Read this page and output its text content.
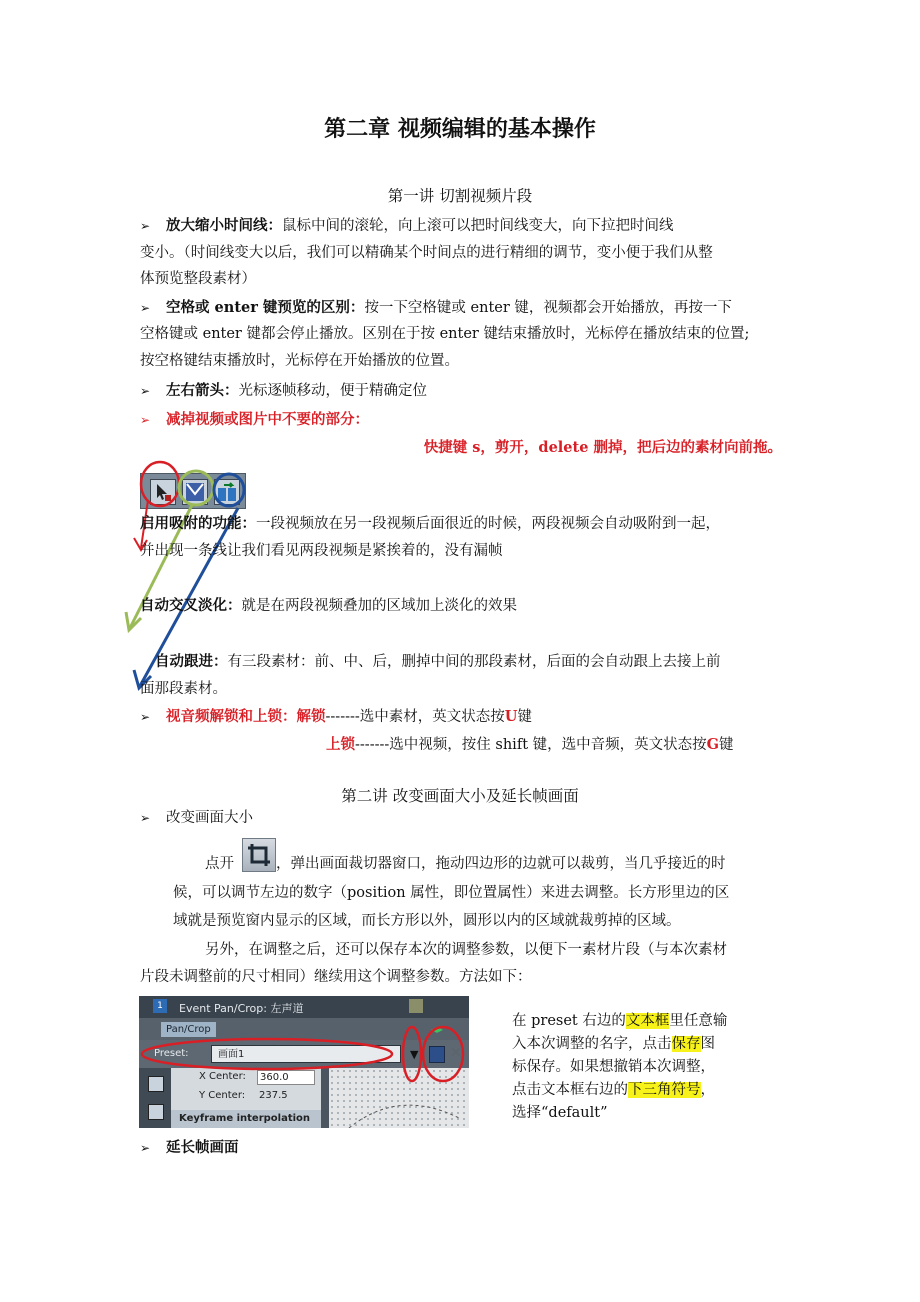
第二章 视频编辑的基本操作
第一讲 切割视频片段
➢ 放大缩小时间线：鼠标中间的滚轮，向上滚可以把时间线变大，向下拉把时间线
变小。（时间线变大以后，我们可以精确某个时间点的进行精细的调节，变小便于我们从整
体预览整段素材）
➢ 空格或 enter 键预览的区别：按一下空格键或 enter 键，视频都会开始播放，再按一下
空格键或 enter 键都会停止播放。区别在于按 enter 键结束播放时，光标停在播放结束的位置;
按空格键结束播放时，光标停在开始播放的位置。
➢ 左右箭头：光标逐帧移动，便于精确定位
➢ 减掉视频或图片中不要的部分：
快捷键 s，剪开，delete 删掉，把后边的素材向前拖。
启用吸附的功能：一段视频放在另一段视频后面很近的时候，两段视频会自动吸附到一起，
并出现一条线让我们看见两段视频是紧挨着的，没有漏帧
自动交叉淡化：就是在两段视频叠加的区域加上淡化的效果
自动跟进：有三段素材：前、中、后，删掉中间的那段素材，后面的会自动跟上去接上前
面那段素材。
➢ 视音频解锁和上锁：解锁-------选中素材，英文状态按U键
上锁-------选中视频，按住 shift 键，选中音频，英文状态按G键
第二讲 改变画面大小及延长帧画面
➢ 改变画面大小
点开	，弹出画面裁切器窗口，拖动四边形的边就可以裁剪，当几乎接近的时
候，可以调节左边的数字（position 属性，即位置属性）来进去调整。长方形里边的区
域就是预览窗内显示的区域，而长方形以外，圆形以内的区域就裁剪掉的区域。
另外，在调整之后，还可以保存本次的调整参数，以便下一素材片段（与本次素材
片段未调整前的尺寸相同）继续用这个调整参数。方法如下：
1	Event Pan/Crop: 左声道
Pan/Crop	◂▸
Preset:	画面1	▼ ✕
X Center:	360.0
Y Center: 237.5
Keyframe interpolation
在 preset 右边的文本框里任意输
入本次调整的名字，点击保存图
标保存。如果想撤销本次调整，
点击文本框右边的下三角符号，
选择“default”
➢ 延长帧画面
